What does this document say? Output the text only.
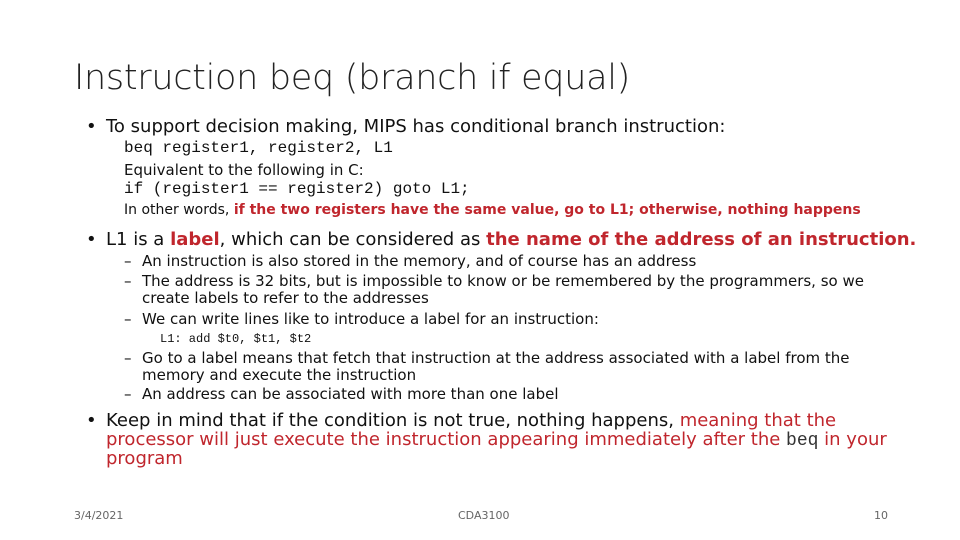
Instruction beq (branch if equal)
• To support decision making, MIPS has conditional branch instruction:
beq register1, register2, L1
Equivalent to the following in C:
if (register1 == register2) goto L1;
In other words, if the two registers have the same value, go to L1; otherwise, nothing happens
• L1 is a label, which can be considered as the name of the address of an instruction.
– An instruction is also stored in the memory, and of course has an address
– The address is 32 bits, but is impossible to know or be remembered by the programmers, so we
create labels to refer to the addresses
– We can write lines like to introduce a label for an instruction:
L1: add $t0, $t1, $t2
– Go to a label means that fetch that instruction at the address associated with a label from the
memory and execute the instruction
– An address can be associated with more than one label
• Keep in mind that if the condition is not true, nothing happens, meaning that the
processor will just execute the instruction appearing immediately after the beq in your
program
3/4/2021	CDA3100	10
